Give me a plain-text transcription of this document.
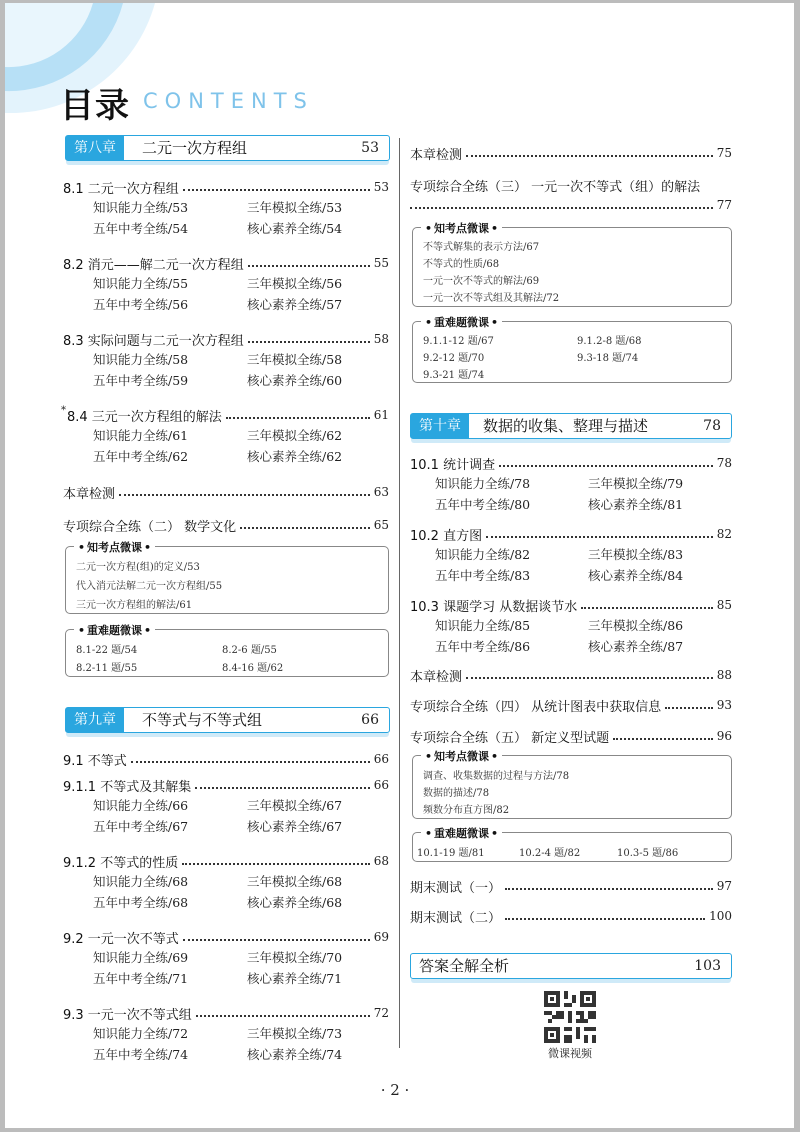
目录 CONTENTS
第八章	二元一次方程组	53
8.1 二元一次方程组	53
知识能力全练/53	三年模拟全练/53
五年中考全练/54	核心素养全练/54
8.2 消元——解二元一次方程组	55
知识能力全练/55	三年模拟全练/56
五年中考全练/56	核心素养全练/57
8.3 实际问题与二元一次方程组	58
知识能力全练/58	三年模拟全练/58
五年中考全练/59	核心素养全练/60
* 8.4 三元一次方程组的解法	61
知识能力全练/61	三年模拟全练/62
五年中考全练/62	核心素养全练/62
本章检测	63
专项综合全练（二） 数学文化	65
• 知考点微课 •
二元一次方程(组)的定义/53
代入消元法解二元一次方程组/55
三元一次方程组的解法/61
• 重难题微课 •
8.1-22 题/54	8.2-6 题/55
8.2-11 题/55	8.4-16 题/62
第九章	不等式与不等式组	66
9.1 不等式	66
9.1.1 不等式及其解集	66
知识能力全练/66	三年模拟全练/67
五年中考全练/67	核心素养全练/67
9.1.2 不等式的性质	68
知识能力全练/68	三年模拟全练/68
五年中考全练/68	核心素养全练/68
9.2 一元一次不等式	69
知识能力全练/69	三年模拟全练/70
五年中考全练/71	核心素养全练/71
9.3 一元一次不等式组	72
知识能力全练/72	三年模拟全练/73
五年中考全练/74	核心素养全练/74
本章检测	75
专项综合全练（三） 一元一次不等式（组）的解法
77
• 知考点微课 •
不等式解集的表示方法/67
不等式的性质/68
一元一次不等式的解法/69
一元一次不等式组及其解法/72
• 重难题微课 •
9.1.1-12 题/67	9.1.2-8 题/68
9.2-12 题/70	9.3-18 题/74
9.3-21 题/74
第十章	数据的收集、整理与描述	78
10.1 统计调查	78
知识能力全练/78	三年模拟全练/79
五年中考全练/80	核心素养全练/81
10.2 直方图	82
知识能力全练/82	三年模拟全练/83
五年中考全练/83	核心素养全练/84
10.3 课题学习 从数据谈节水	85
知识能力全练/85	三年模拟全练/86
五年中考全练/86	核心素养全练/87
本章检测	88
专项综合全练（四） 从统计图表中获取信息	93
专项综合全练（五） 新定义型试题	96
• 知考点微课 •
调查、收集数据的过程与方法/78
数据的描述/78
频数分布直方图/82
• 重难题微课 •
10.1-19 题/81	10.2-4 题/82	10.3-5 题/86
期末测试（一）	97
期末测试（二）	100
答案全解全析	103
微课视频
· 2 ·
